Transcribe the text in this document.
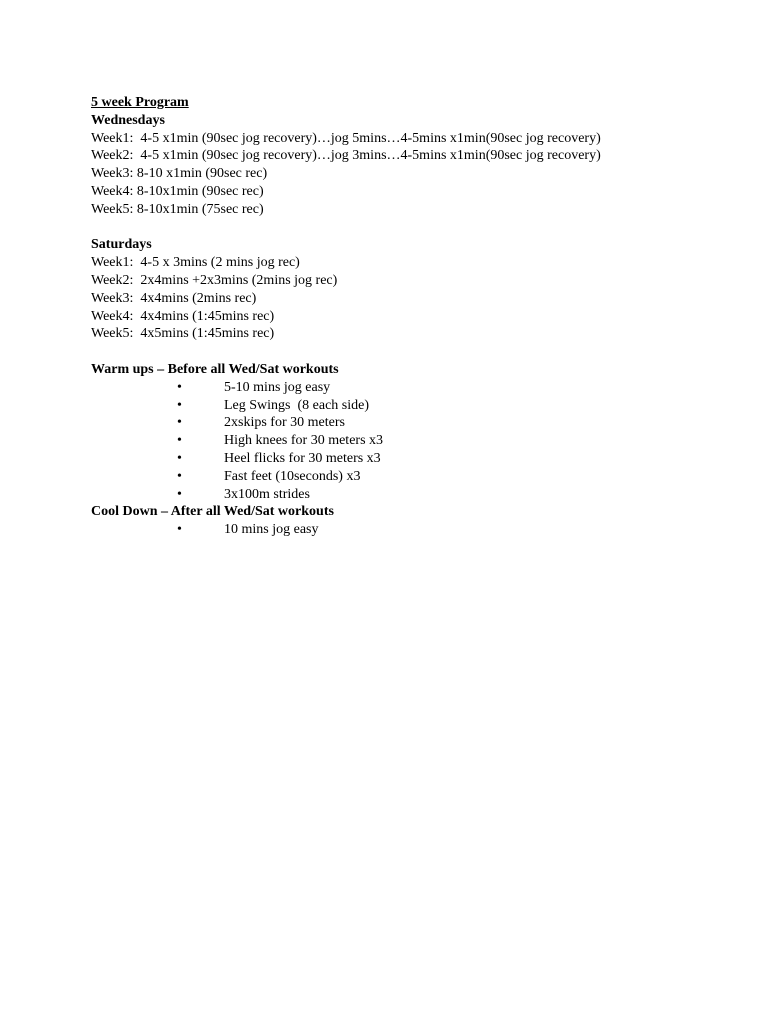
5 week Program
Wednesdays
Week1:  4-5 x1min (90sec jog recovery)…jog 5mins…4-5mins x1min(90sec jog recovery)
Week2:  4-5 x1min (90sec jog recovery)…jog 3mins…4-5mins x1min(90sec jog recovery)
Week3: 8-10 x1min (90sec rec)
Week4: 8-10x1min (90sec rec)
Week5: 8-10x1min (75sec rec)
Saturdays
Week1:  4-5 x 3mins (2 mins jog rec)
Week2:  2x4mins +2x3mins (2mins jog rec)
Week3:  4x4mins (2mins rec)
Week4:  4x4mins (1:45mins rec)
Week5:  4x5mins (1:45mins rec)
Warm ups – Before all Wed/Sat workouts

•

	5-10 mins jog easy

•

	Leg Swings  (8 each side)

•

	2xskips for 30 meters

•

	High knees for 30 meters x3

•

	Heel flicks for 30 meters x3

•

	Fast feet (10seconds) x3

•

	3x100m strides

Cool Down – After all Wed/Sat workouts

•

	10 mins jog easy
